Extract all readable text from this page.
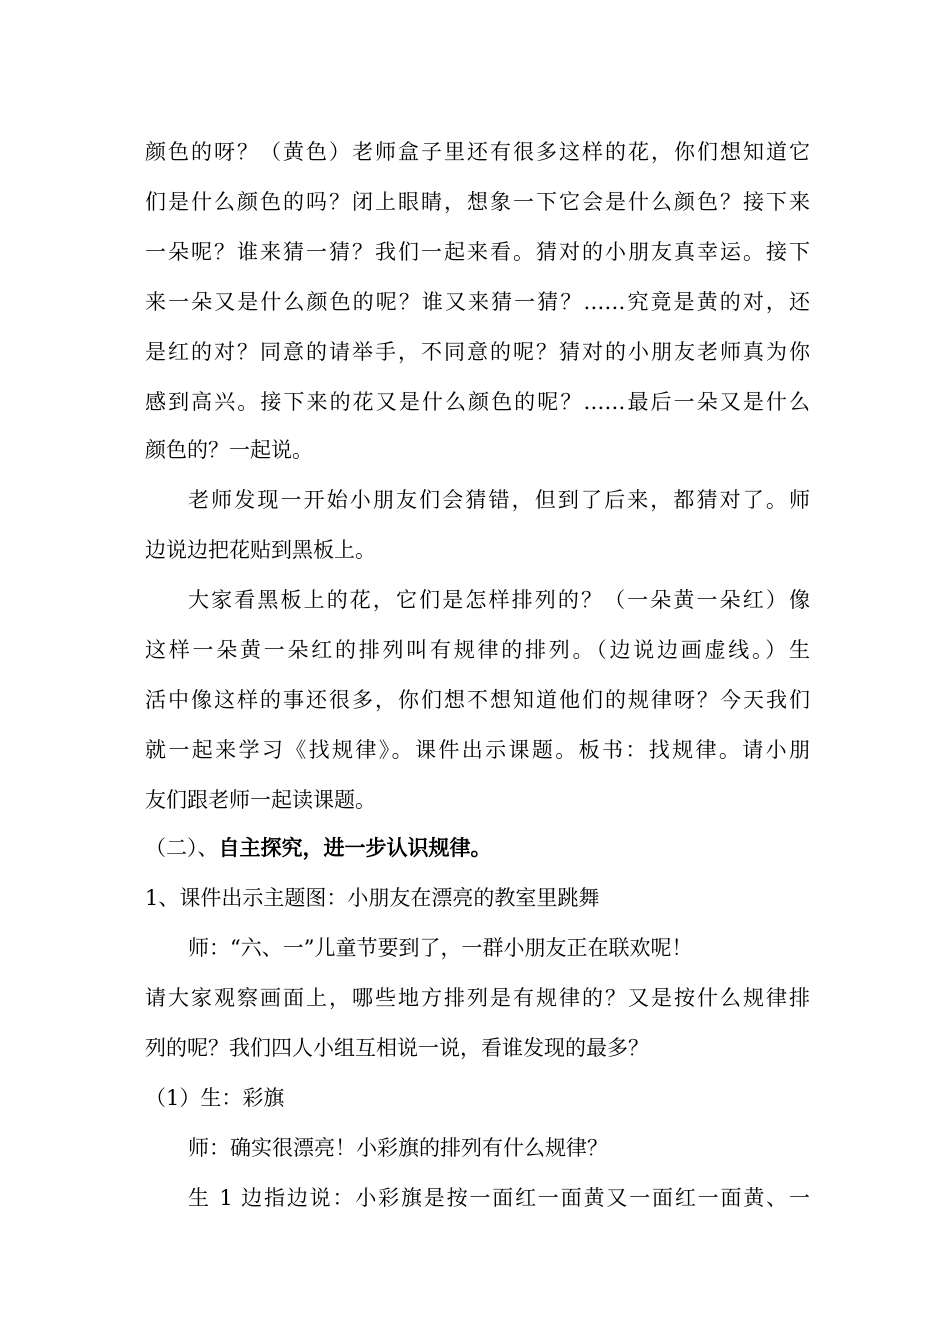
颜色的呀？（黄色）老师盒子里还有很多这样的花，你们想知道它
们是什么颜色的吗？闭上眼睛，想象一下它会是什么颜色？接下来
一朵呢？谁来猜一猜？我们一起来看。猜对的小朋友真幸运。接下
来一朵又是什么颜色的呢？谁又来猜一猜？……究竟是黄的对，还
是红的对？同意的请举手，不同意的呢？猜对的小朋友老师真为你
感到高兴。接下来的花又是什么颜色的呢？……最后一朵又是什么
颜色的？一起说。
老师发现一开始小朋友们会猜错，但到了后来，都猜对了。师
边说边把花贴到黑板上。
大家看黑板上的花，它们是怎样排列的？（一朵黄一朵红）像
这样一朵黄一朵红的排列叫有规律的排列。（边说边画虚线。）生
活中像这样的事还很多，你们想不想知道他们的规律呀？今天我们
就一起来学习《找规律》。课件出示课题。板书：找规律。请小朋
友们跟老师一起读课题。
（二）、自主探究，进一步认识规律。
1、课件出示主题图：小朋友在漂亮的教室里跳舞
师：“六、一”儿童节要到了，一群小朋友正在联欢呢！
请大家观察画面上，哪些地方排列是有规律的？又是按什么规律排
列的呢？我们四人小组互相说一说，看谁发现的最多？
（1）生：彩旗
师：确实很漂亮！小彩旗的排列有什么规律？
生 1 边指边说：小彩旗是按一面红一面黄又一面红一面黄、一
